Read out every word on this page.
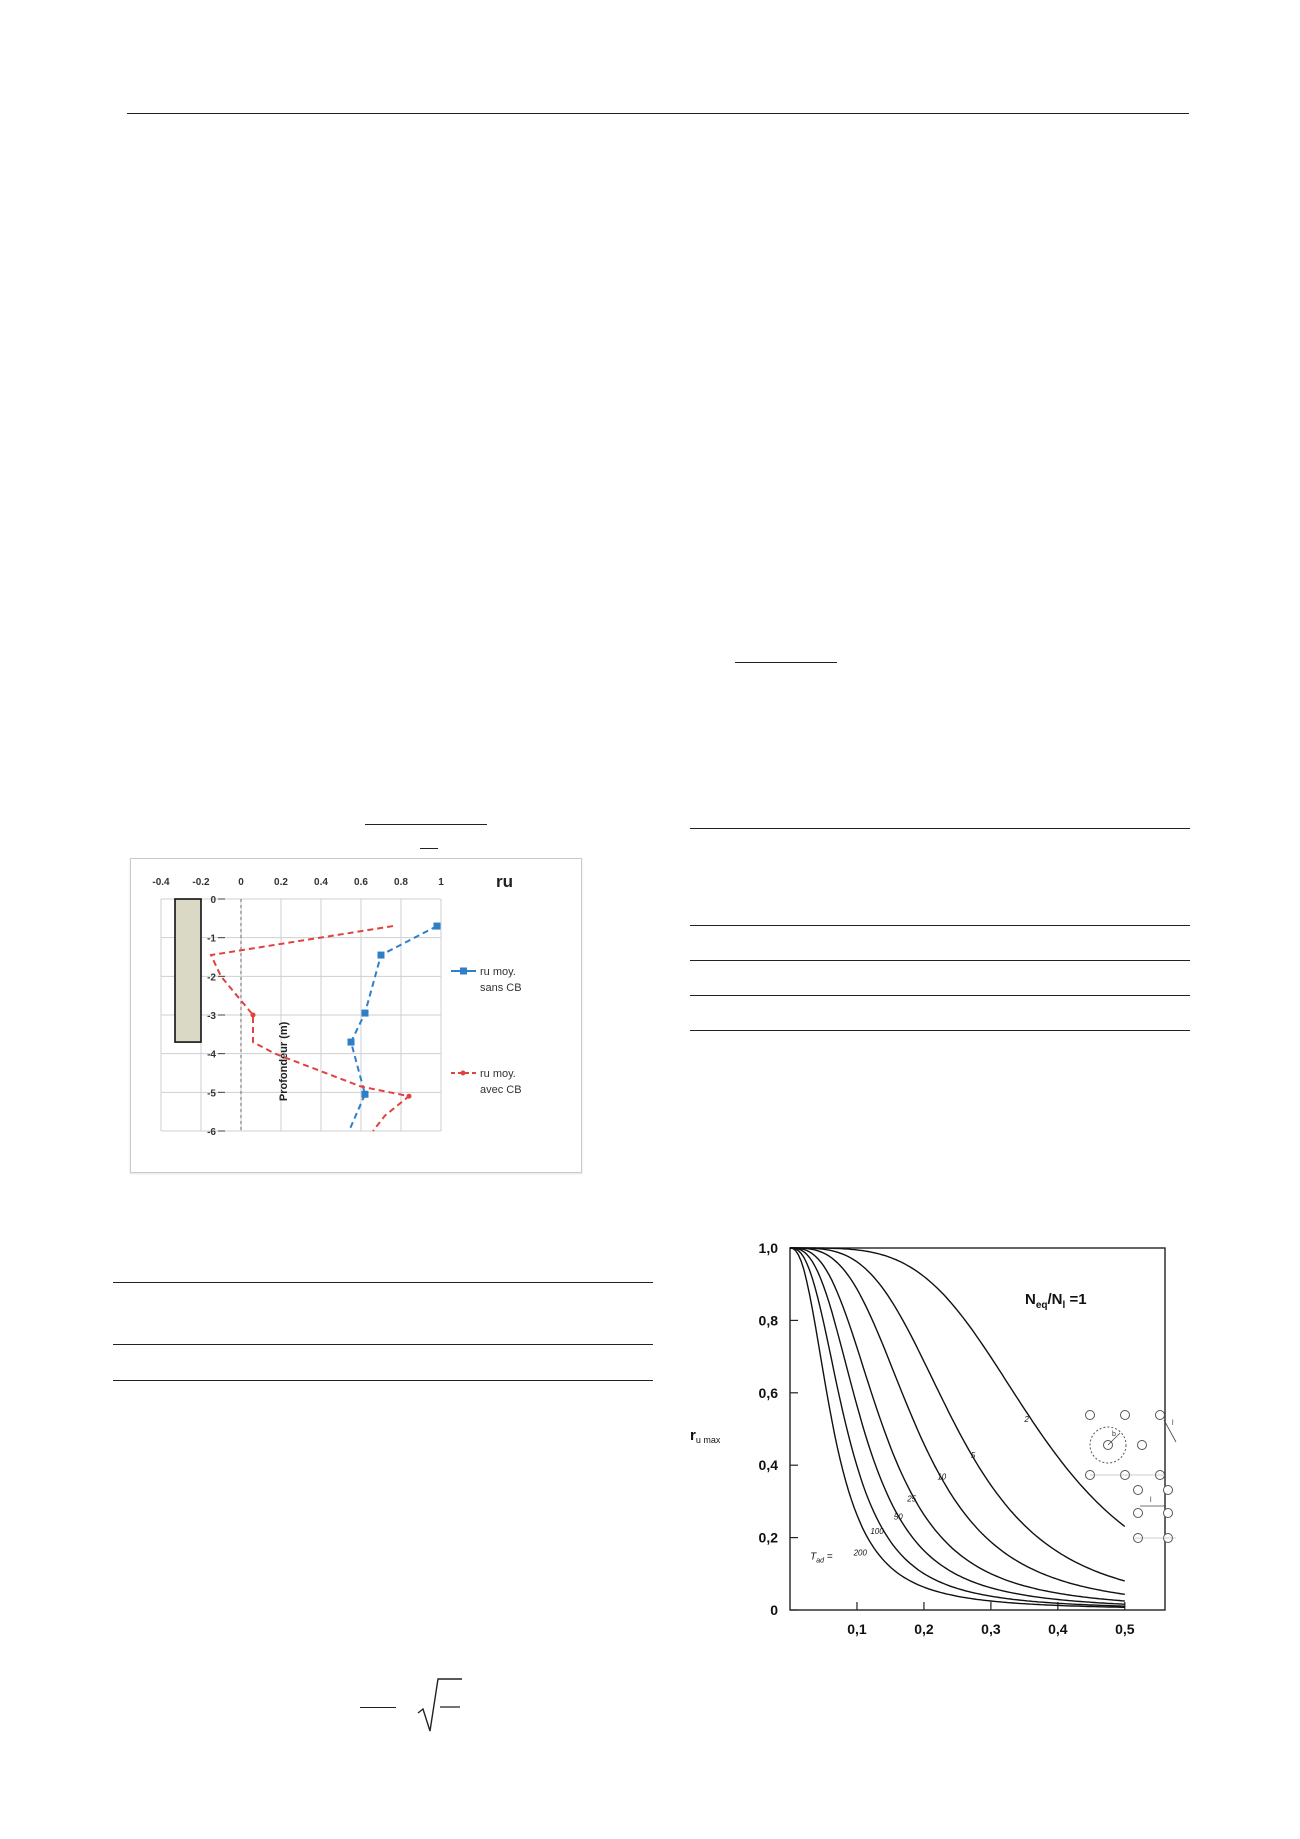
-0.4 -0.2	0	0.2	0.4	0.6	0.8	1
0
-1
-2
-3
-4
-5
-6
Profondeur (m)
ru
ru moy.
sans CB
ru moy.
avec CB
0
0,2
0,4
0,6
0,8
1,0
0,1	0,2	0,3	0,4	0,5
$r_{u max}$
$N_{eq}/N_l =1$
2
5
10
25
50
100
200
$T_{ad}$ =
b
l
l
